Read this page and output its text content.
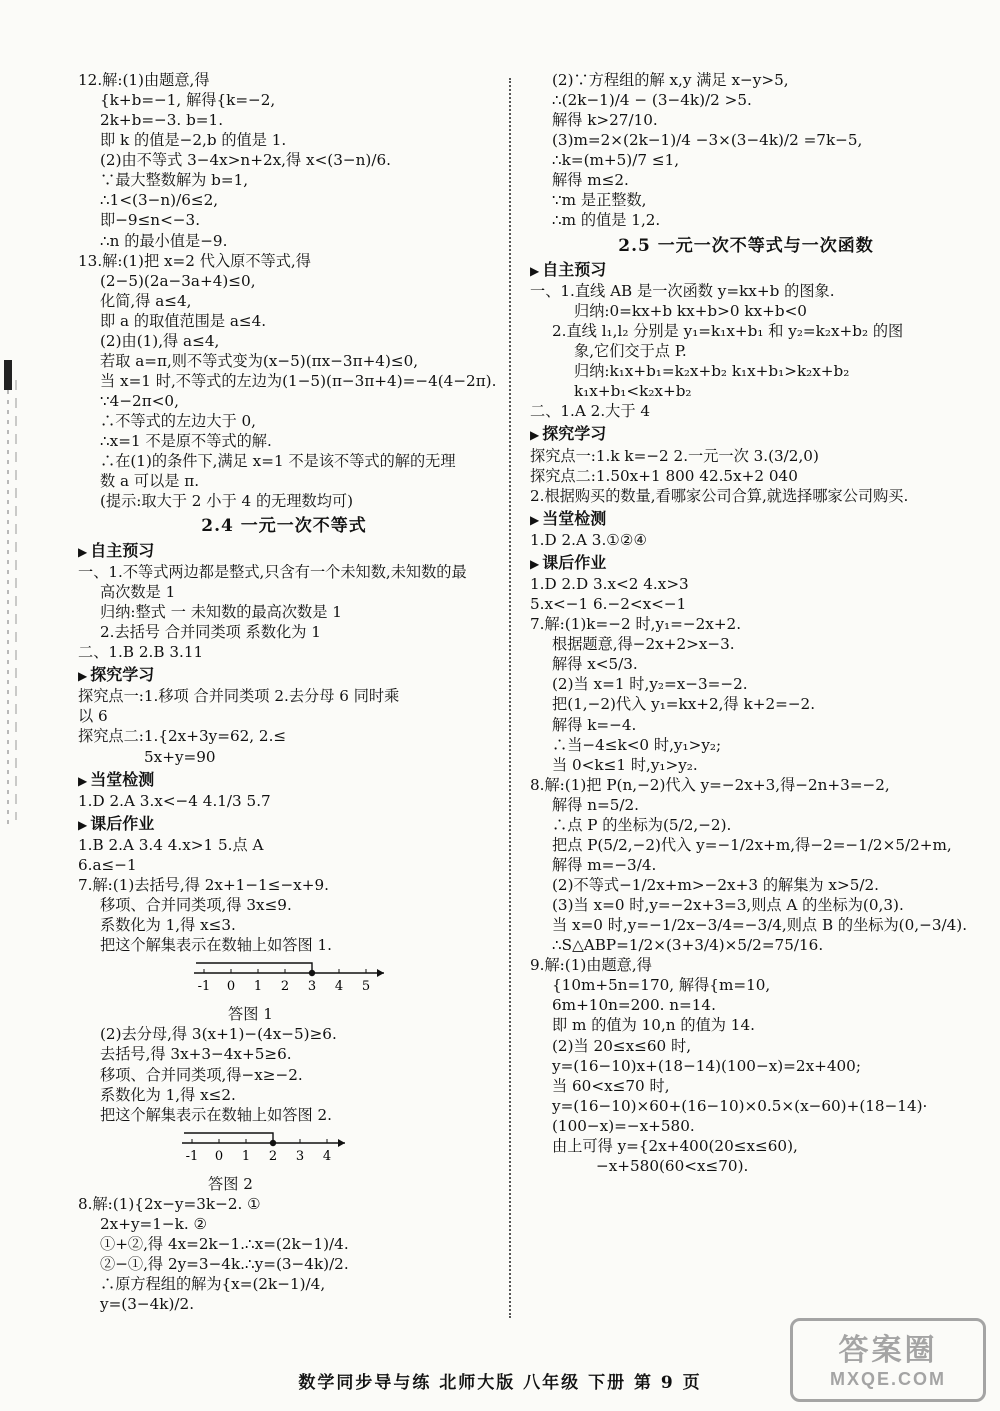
12.解:(1)由题意,得
{k+b=−1, 解得{k=−2,
2k+b=−3. b=1.
即 k 的值是−2,b 的值是 1.
(2)由不等式 3−4x>n+2x,得 x<(3−n)/6.
∵最大整数解为 b=1,
∴1<(3−n)/6≤2,
即−9≤n<−3.
∴n 的最小值是−9.
13.解:(1)把 x=2 代入原不等式,得
(2−5)(2a−3a+4)≤0,
化简,得 a≤4,
即 a 的取值范围是 a≤4.
(2)由(1),得 a≤4,
若取 a=π,则不等式变为(x−5)(πx−3π+4)≤0,
当 x=1 时,不等式的左边为(1−5)(π−3π+4)=−4(4−2π).
∵4−2π<0,
∴不等式的左边大于 0,
∴x=1 不是原不等式的解.
∴在(1)的条件下,满足 x=1 不是该不等式的解的无理
数 a 可以是 π.
(提示:取大于 2 小于 4 的无理数均可)
2.4 一元一次不等式
▶ 自主预习
一、1.不等式两边都是整式,只含有一个未知数,未知数的最
高次数是 1
归纳:整式 一 未知数的最高次数是 1
2.去括号 合并同类项 系数化为 1
二、1.B 2.B 3.11
▶ 探究学习
探究点一:1.移项 合并同类项 2.去分母 6 同时乘
以 6
探究点二:1.{2x+3y=62, 2.≤
5x+y=90
▶ 当堂检测
1.D 2.A 3.x<−4 4.1/3 5.7
▶ 课后作业
1.B 2.A 3.4 4.x>1 5.点 A
6.a≤−1
7.解:(1)去括号,得 2x+1−1≤−x+9.
移项、合并同类项,得 3x≤9.
系数化为 1,得 x≤3.
把这个解集表示在数轴上如答图 1.
-1 0 1 2 3 4 5
答图 1
(2)去分母,得 3(x+1)−(4x−5)≥6.
去括号,得 3x+3−4x+5≥6.
移项、合并同类项,得−x≥−2.
系数化为 1,得 x≤2.
把这个解集表示在数轴上如答图 2.
-1 0 1 2 3 4
答图 2
8.解:(1){2x−y=3k−2. ①
2x+y=1−k. ②
①+②,得 4x=2k−1.∴x=(2k−1)/4.
②−①,得 2y=3−4k.∴y=(3−4k)/2.
∴原方程组的解为{x=(2k−1)/4,
y=(3−4k)/2.
(2)∵方程组的解 x,y 满足 x−y>5,
∴(2k−1)/4 − (3−4k)/2 >5.
解得 k>27/10.
(3)m=2×(2k−1)/4 −3×(3−4k)/2 =7k−5,
∴k=(m+5)/7 ≤1,
解得 m≤2.
∵m 是正整数,
∴m 的值是 1,2.
2.5 一元一次不等式与一次函数
▶ 自主预习
一、1.直线 AB 是一次函数 y=kx+b 的图象.
归纳:0=kx+b kx+b>0 kx+b<0
2.直线 l₁,l₂ 分别是 y₁=k₁x+b₁ 和 y₂=k₂x+b₂ 的图
象,它们交于点 P.
归纳:k₁x+b₁=k₂x+b₂ k₁x+b₁>k₂x+b₂
k₁x+b₁<k₂x+b₂
二、1.A 2.大于 4
▶ 探究学习
探究点一:1.k k=−2 2.一元一次 3.(3/2,0)
探究点二:1.50x+1 800 42.5x+2 040
2.根据购买的数量,看哪家公司合算,就选择哪家公司购买.
▶ 当堂检测
1.D 2.A 3.①②④
▶ 课后作业
1.D 2.D 3.x<2 4.x>3
5.x<−1 6.−2<x<−1
7.解:(1)k=−2 时,y₁=−2x+2.
根据题意,得−2x+2>x−3.
解得 x<5/3.
(2)当 x=1 时,y₂=x−3=−2.
把(1,−2)代入 y₁=kx+2,得 k+2=−2.
解得 k=−4.
∴当−4≤k<0 时,y₁>y₂;
当 0<k≤1 时,y₁>y₂.
8.解:(1)把 P(n,−2)代入 y=−2x+3,得−2n+3=−2,
解得 n=5/2.
∴点 P 的坐标为(5/2,−2).
把点 P(5/2,−2)代入 y=−1/2x+m,得−2=−1/2×5/2+m,
解得 m=−3/4.
(2)不等式−1/2x+m>−2x+3 的解集为 x>5/2.
(3)当 x=0 时,y=−2x+3=3,则点 A 的坐标为(0,3).
当 x=0 时,y=−1/2x−3/4=−3/4,则点 B 的坐标为(0,−3/4).
∴S△ABP=1/2×(3+3/4)×5/2=75/16.
9.解:(1)由题意,得
{10m+5n=170, 解得{m=10,
6m+10n=200. n=14.
即 m 的值为 10,n 的值为 14.
(2)当 20≤x≤60 时,
y=(16−10)x+(18−14)(100−x)=2x+400;
当 60<x≤70 时,
y=(16−10)×60+(16−10)×0.5×(x−60)+(18−14)·
(100−x)=−x+580.
由上可得 y={2x+400(20≤x≤60),
−x+580(60<x≤70).
数学同步导与练 北师大版 八年级 下册 第 9 页
答案圈
MXQE.COM
